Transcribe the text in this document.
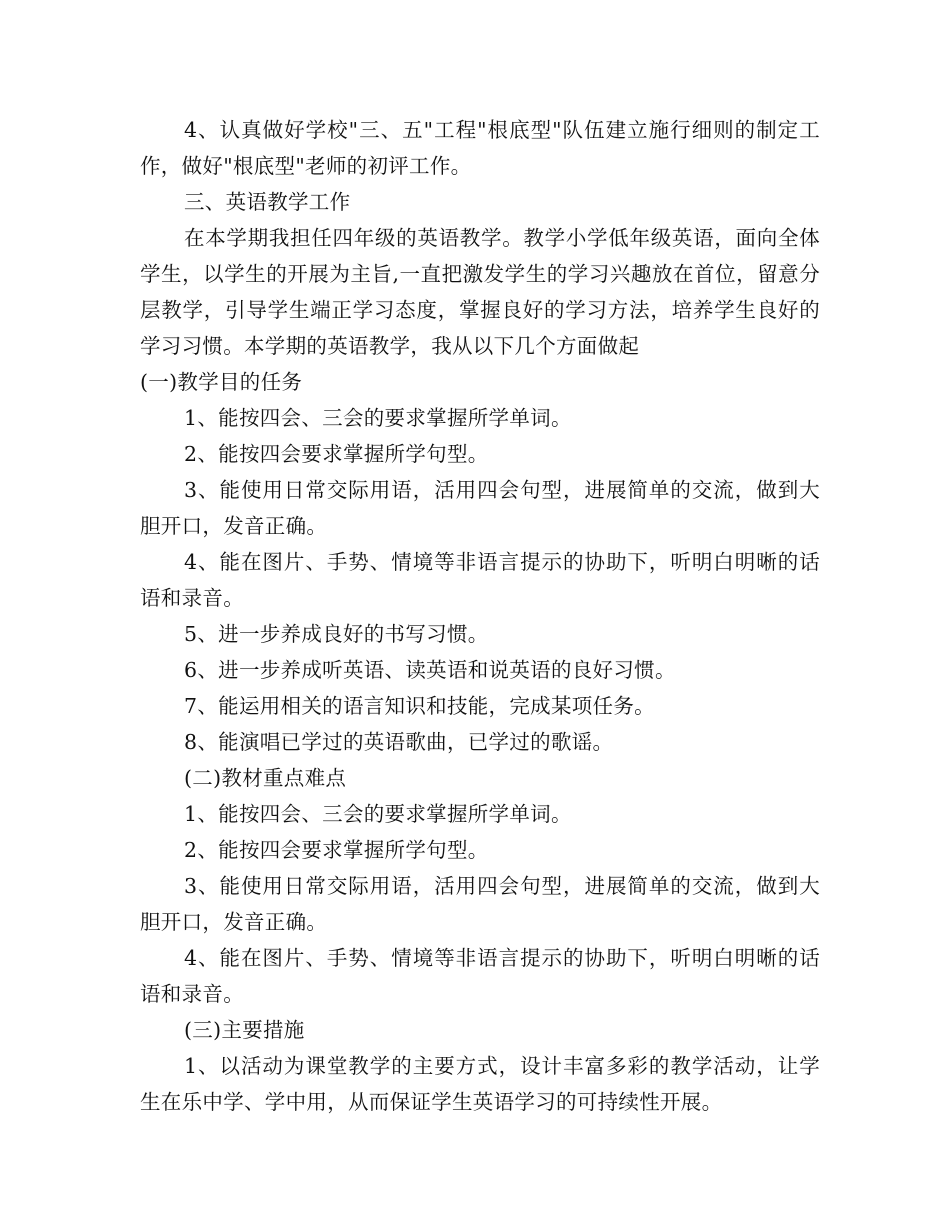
4、认真做好学校"三、五"工程"根底型"队伍建立施行细则的制定工作，做好"根底型"老师的初评工作。

三、英语教学工作

在本学期我担任四年级的英语教学。教学小学低年级英语，面向全体学生，以学生的开展为主旨,一直把激发学生的学习兴趣放在首位，留意分层教学，引导学生端正学习态度，掌握良好的学习方法，培养学生良好的学习习惯。本学期的英语教学，我从以下几个方面做起

(一)教学目的任务

1、能按四会、三会的要求掌握所学单词。

2、能按四会要求掌握所学句型。

3、能使用日常交际用语，活用四会句型，进展简单的交流，做到大胆开口，发音正确。

4、能在图片、手势、情境等非语言提示的协助下，听明白明晰的话语和录音。

5、进一步养成良好的书写习惯。

6、进一步养成听英语、读英语和说英语的良好习惯。

7、能运用相关的语言知识和技能，完成某项任务。

8、能演唱已学过的英语歌曲，已学过的歌谣。

(二)教材重点难点

1、能按四会、三会的要求掌握所学单词。

2、能按四会要求掌握所学句型。

3、能使用日常交际用语，活用四会句型，进展简单的交流，做到大胆开口，发音正确。

4、能在图片、手势、情境等非语言提示的协助下，听明白明晰的话语和录音。

(三)主要措施

1、以活动为课堂教学的主要方式，设计丰富多彩的教学活动，让学生在乐中学、学中用，从而保证学生英语学习的可持续性开展。
